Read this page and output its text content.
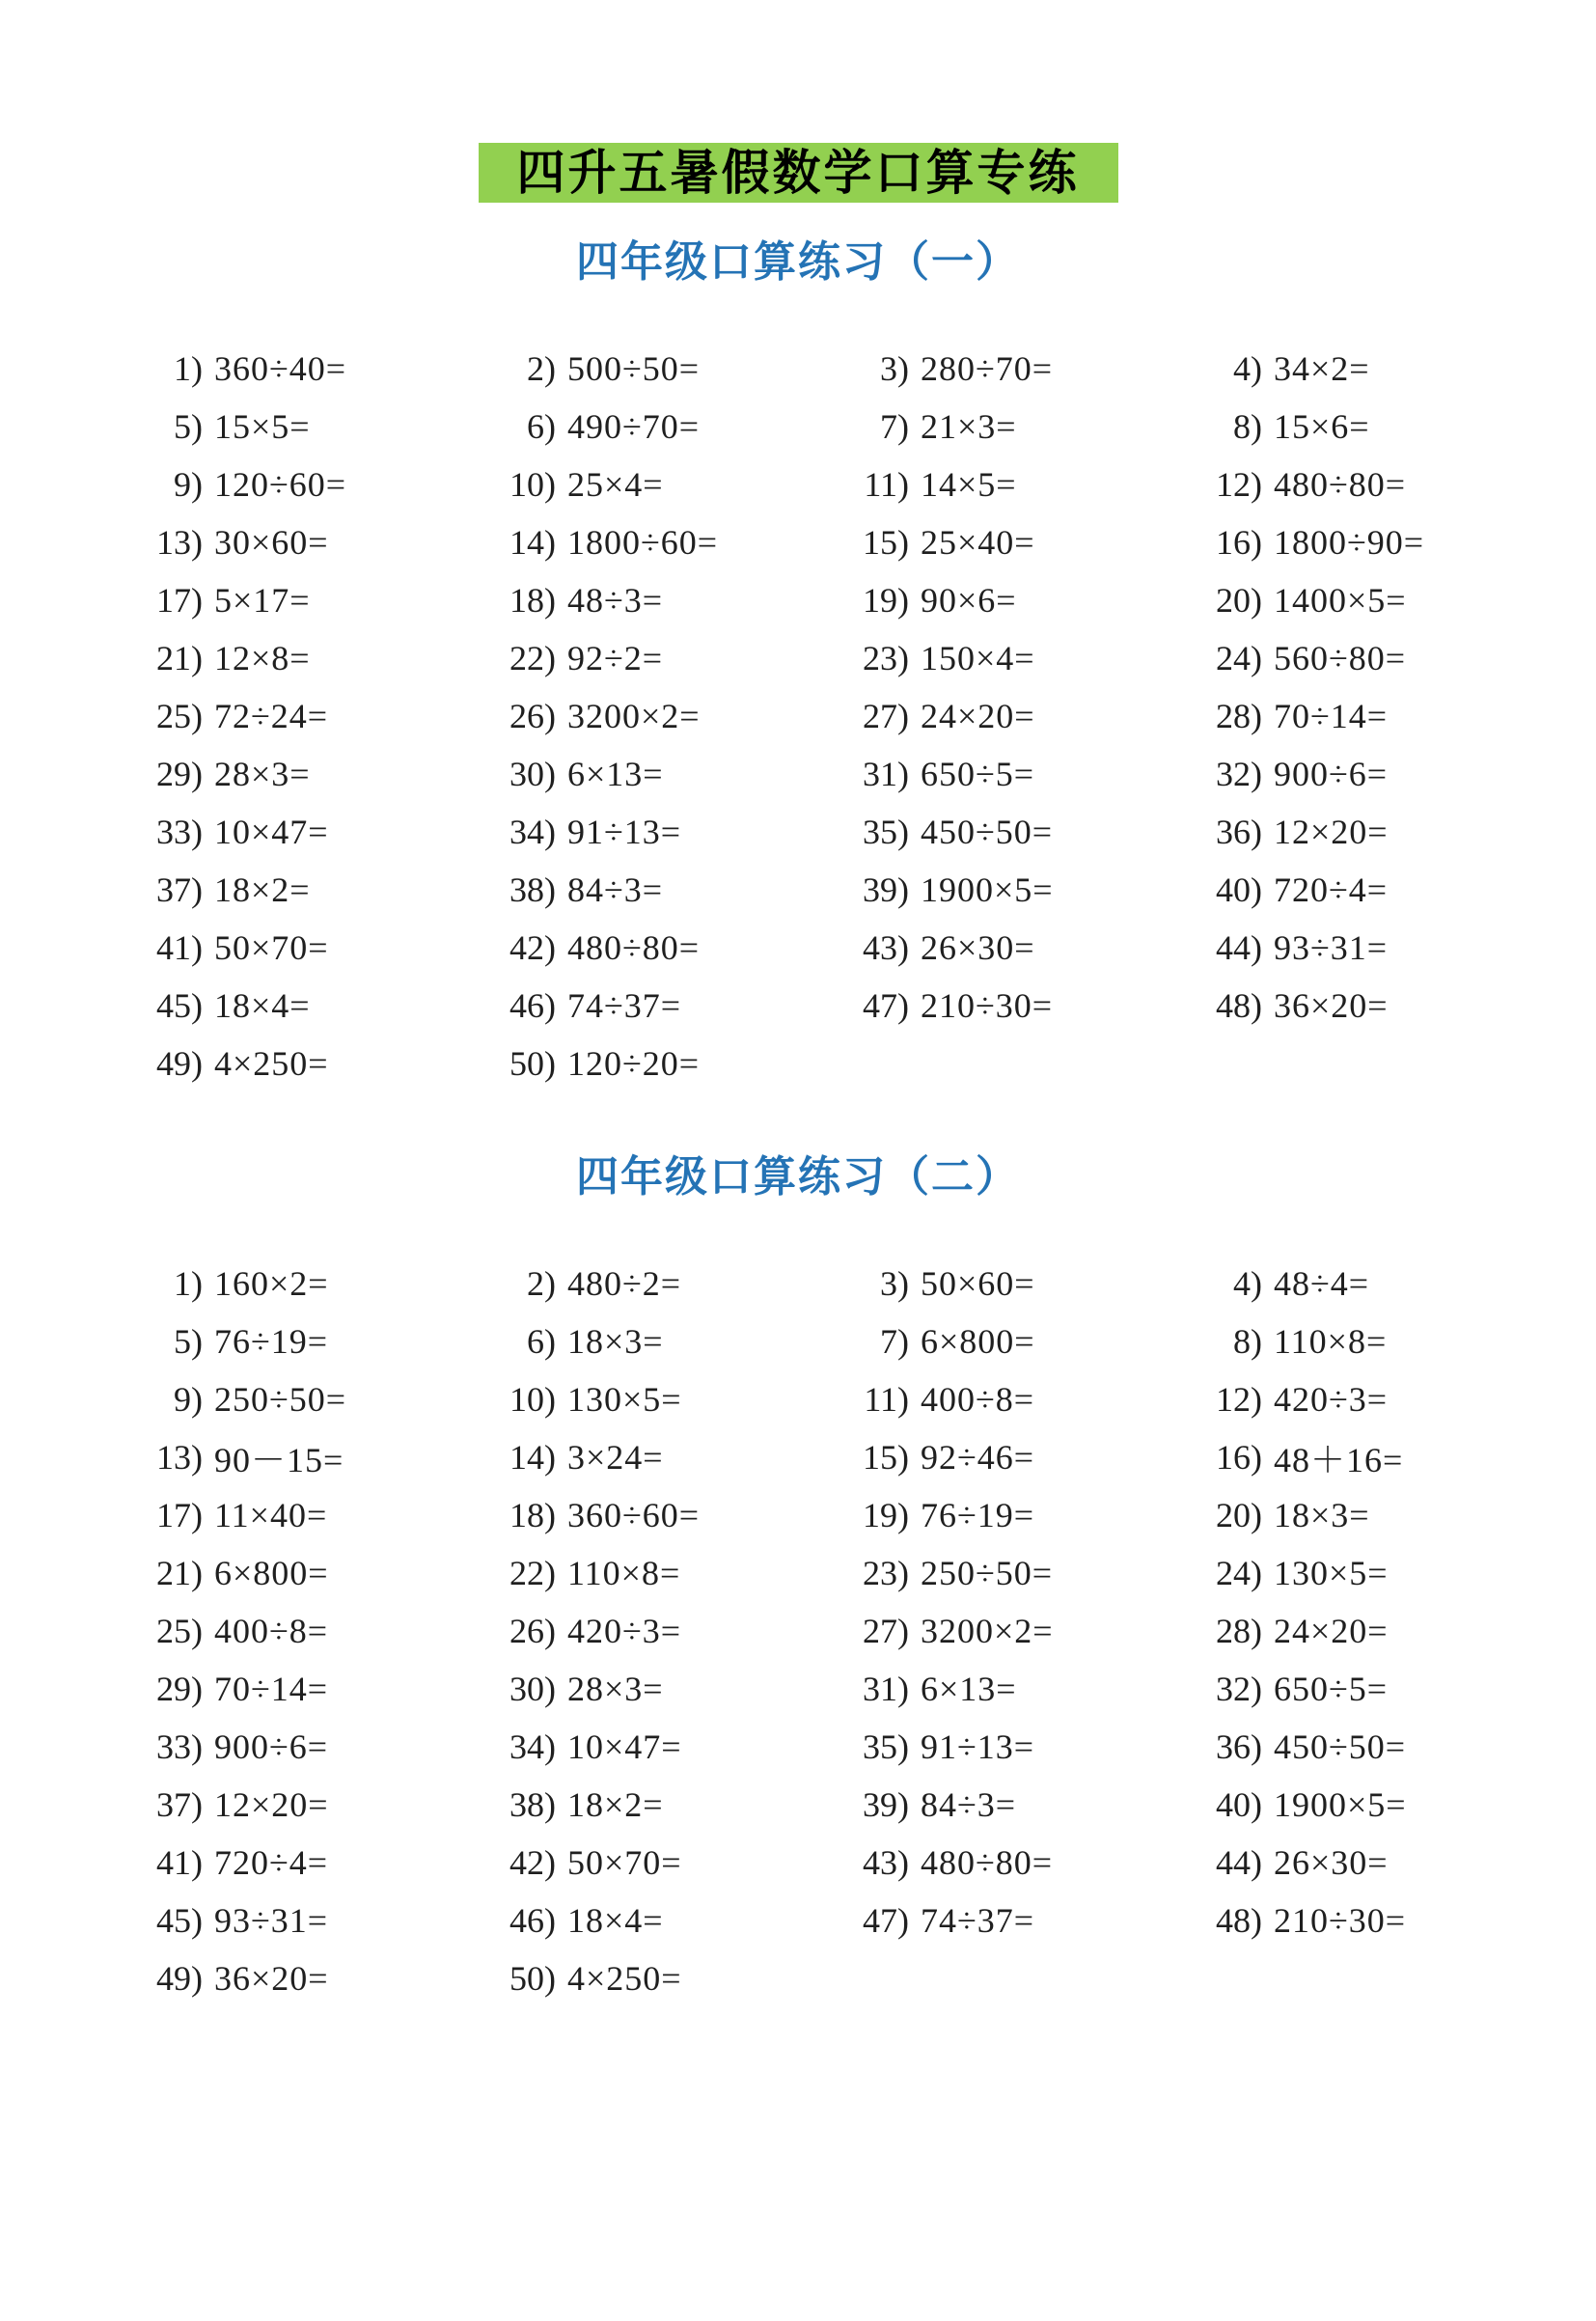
四升五暑假数学口算专练
四年级口算练习（一）
1) 360÷40=	2) 500÷50=	3) 280÷70=	4) 34×2=
5) 15×5=	6) 490÷70=	7) 21×3=	8) 15×6=
9) 120÷60=	10) 25×4=	11) 14×5=	12) 480÷80=
13) 30×60=	14) 1800÷60=	15) 25×40=	16) 1800÷90=
17) 5×17=	18) 48÷3=	19) 90×6=	20) 1400×5=
21) 12×8=	22) 92÷2=	23) 150×4=	24) 560÷80=
25) 72÷24=	26) 3200×2=	27) 24×20=	28) 70÷14=
29) 28×3=	30) 6×13=	31) 650÷5=	32) 900÷6=
33) 10×47=	34) 91÷13=	35) 450÷50=	36) 12×20=
37) 18×2=	38) 84÷3=	39) 1900×5=	40) 720÷4=
41) 50×70=	42) 480÷80=	43) 26×30=	44) 93÷31=
45) 18×4=	46) 74÷37=	47) 210÷30=	48) 36×20=
49) 4×250=	50) 120÷20=
四年级口算练习（二）
1) 160×2=	2) 480÷2=	3) 50×60=	4) 48÷4=
5) 76÷19=	6) 18×3=	7) 6×800=	8) 110×8=
9) 250÷50=	10) 130×5=	11) 400÷8=	12) 420÷3=
13) 90－15=	14) 3×24=	15) 92÷46=	16) 48＋16=
17) 11×40=	18) 360÷60=	19) 76÷19=	20) 18×3=
21) 6×800=	22) 110×8=	23) 250÷50=	24) 130×5=
25) 400÷8=	26) 420÷3=	27) 3200×2=	28) 24×20=
29) 70÷14=	30) 28×3=	31) 6×13=	32) 650÷5=
33) 900÷6=	34) 10×47=	35) 91÷13=	36) 450÷50=
37) 12×20=	38) 18×2=	39) 84÷3=	40) 1900×5=
41) 720÷4=	42) 50×70=	43) 480÷80=	44) 26×30=
45) 93÷31=	46) 18×4=	47) 74÷37=	48) 210÷30=
49) 36×20=	50) 4×250=
